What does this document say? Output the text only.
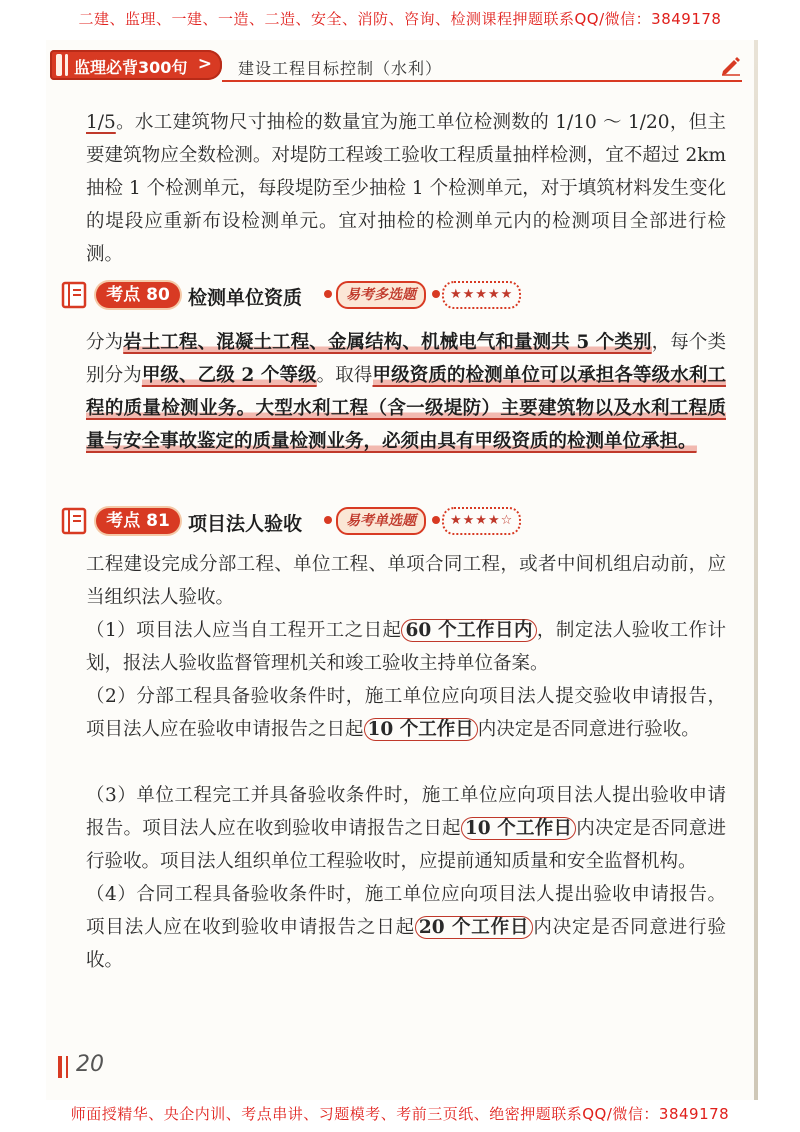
二建、监理、一建、一造、二造、安全、消防、咨询、检测课程押题联系QQ/微信：3849178
监理必背300句 > 建设工程目标控制（水利）
1/5。水工建筑物尺寸抽检的数量宜为施工单位检测数的 1/10 ～ 1/20，但主要建筑物应全数检测。对堤防工程竣工验收工程质量抽样检测，宜不超过 2km 抽检 1 个检测单元，每段堤防至少抽检 1 个检测单元，对于填筑材料发生变化的堤段应重新布设检测单元。宜对抽检的检测单元内的检测项目全部进行检测。
考点 80 检测单位资质	易考多选题	★★★★★
分为岩土工程、混凝土工程、金属结构、机械电气和量测共 5 个类别，每个类别分为甲级、乙级 2 个等级。取得甲级资质的检测单位可以承担各等级水利工程的质量检测业务。大型水利工程（含一级堤防）主要建筑物以及水利工程质量与安全事故鉴定的质量检测业务，必须由具有甲级资质的检测单位承担。
考点 81 项目法人验收	易考单选题	★★★★☆
工程建设完成分部工程、单位工程、单项合同工程，或者中间机组启动前，应当组织法人验收。
（1）项目法人应当自工程开工之日起 60 个工作日内 ，制定法人验收工作计划，报法人验收监督管理机关和竣工验收主持单位备案。
（2）分部工程具备验收条件时，施工单位应向项目法人提交验收申请报告，项目法人应在验收申请报告之日起 10 个工作日 内决定是否同意进行验收。
（3）单位工程完工并具备验收条件时，施工单位应向项目法人提出验收申请报告。项目法人应在收到验收申请报告之日起 10 个工作日 内决定是否同意进行验收。项目法人组织单位工程验收时，应提前通知质量和安全监督机构。
（4）合同工程具备验收条件时，施工单位应向项目法人提出验收申请报告。项目法人应在收到验收申请报告之日起 20 个工作日 内决定是否同意进行验收。
20
师面授精华、央企内训、考点串讲、习题模考、考前三页纸、绝密押题联系QQ/微信：3849178
